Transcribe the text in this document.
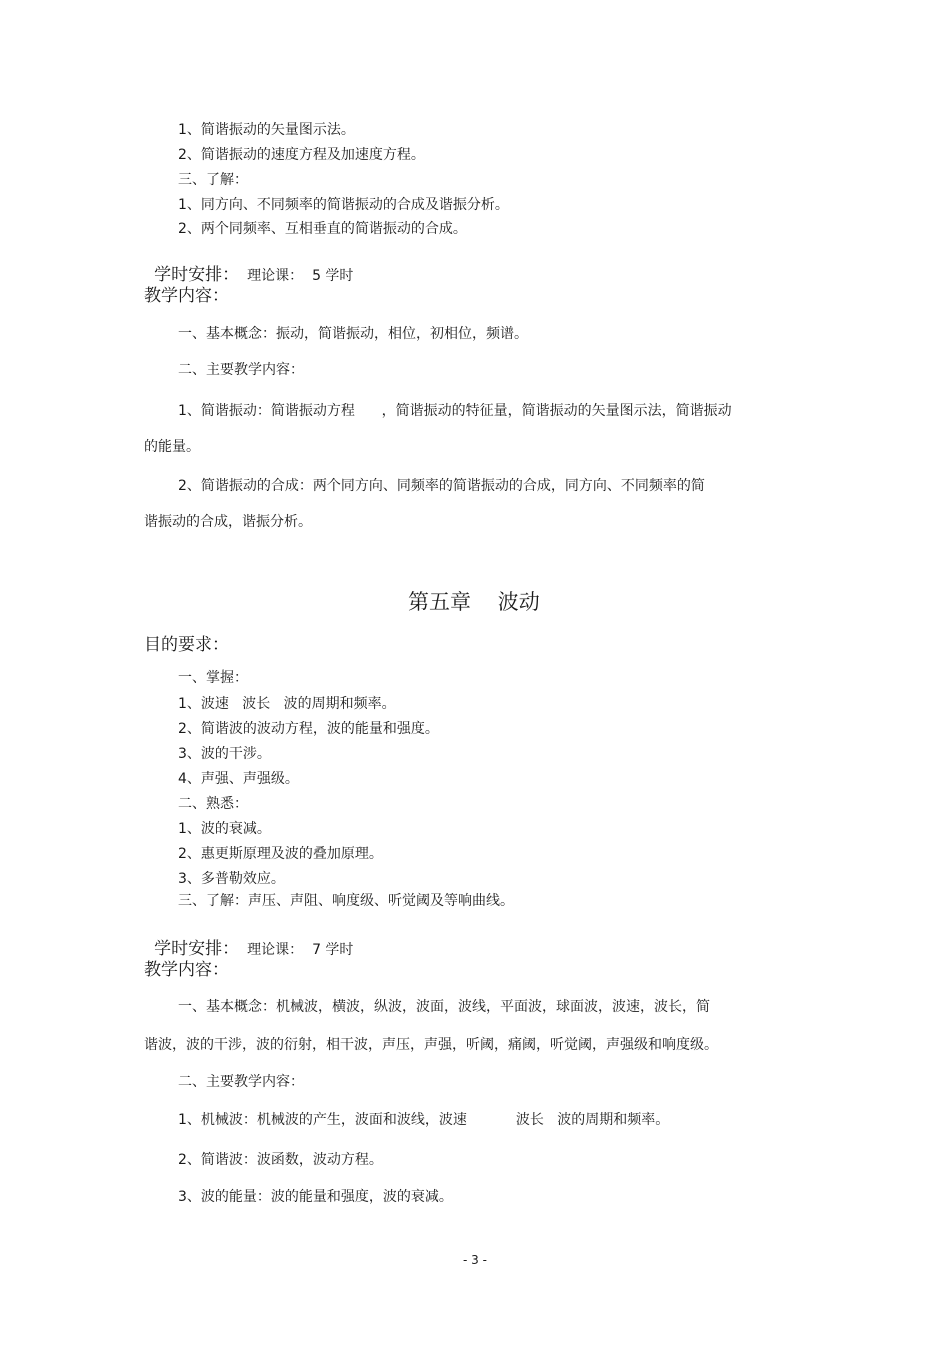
1、简谐振动的矢量图示法。
2、简谐振动的速度方程及加速度方程。
三、了解：
1、同方向、不同频率的简谐振动的合成及谐振分析。
2、两个同频率、互相垂直的简谐振动的合成。

学时安排： 理论课：  5 学时

教学内容：
一、基本概念：振动，简谐振动，相位，初相位，频谱。
二、主要教学内容：
1、简谐振动：简谐振动方程      ，简谐振动的特征量，简谐振动的矢量图示法，简谐振动
的能量。
2、简谐振动的合成：两个同方向、同频率的简谐振动的合成，同方向、不同频率的简
谐振动的合成，谐振分析。
第五章    波动
目的要求：
一、掌握：
1、波速   波长   波的周期和频率。
2、简谐波的波动方程，波的能量和强度。
3、波的干涉。
4、声强、声强级。
二、熟悉：
1、波的衰减。
2、惠更斯原理及波的叠加原理。
3、多普勒效应。
三、了解：声压、声阻、响度级、听觉阈及等响曲线。

学时安排： 理论课：  7 学时

教学内容：
一、基本概念：机械波，横波，纵波，波面，波线，平面波，球面波，波速，波长，简
谐波，波的干涉，波的衍射，相干波，声压，声强，听阈，痛阈，听觉阈，声强级和响度级。
二、主要教学内容：
1、机械波：机械波的产生，波面和波线，波速           波长   波的周期和频率。
2、简谐波：波函数，波动方程。
3、波的能量：波的能量和强度，波的衰减。
- 3 -
